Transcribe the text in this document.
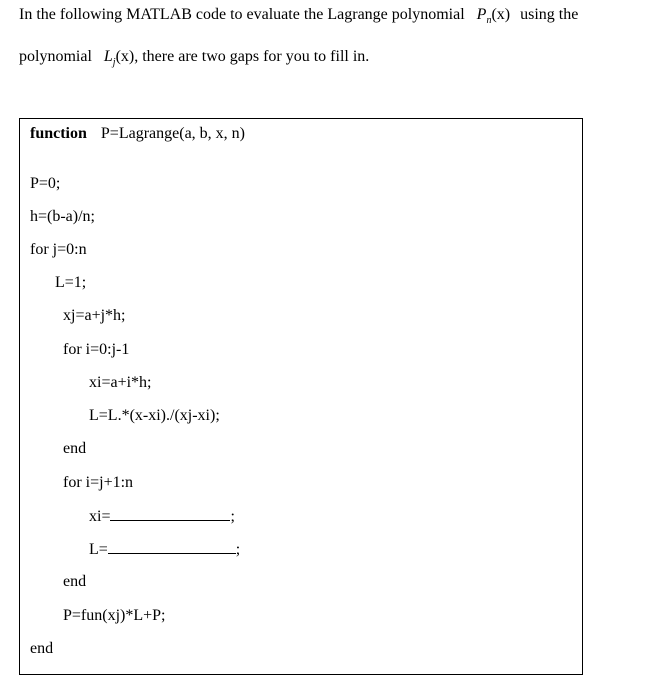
In the following MATLAB code to evaluate the Lagrange polynomial $P_n(x)$ using the
polynomial $L_j(x)$, there are two gaps for you to fill in.
function P=Lagrange(a, b, x, n)
P=0;
h=(b-a)/n;
for j=0:n
L=1;
xj=a+j*h;
for i=0:j-1
xi=a+i*h;
L=L.*(x-xi)./(xj-xi);
end
for i=j+1:n
xi=	;
L=	;
end
P=fun(xj)*L+P;
end
